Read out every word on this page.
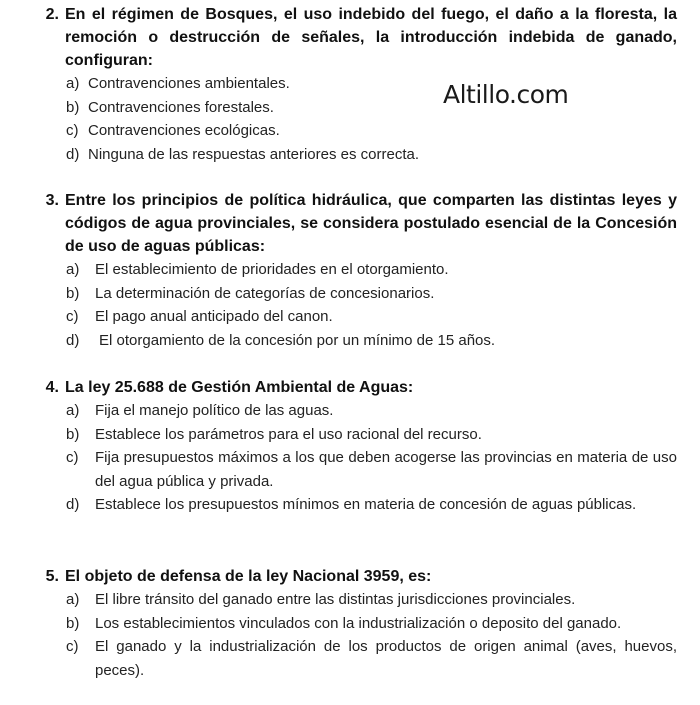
Altillo.com
2. En el régimen de Bosques, el uso indebido del fuego, el daño a la floresta, la remoción o destrucción de señales, la introducción indebida de ganado, configuran:
a) Contravenciones ambientales.
b) Contravenciones forestales.
c) Contravenciones ecológicas.
d) Ninguna de las respuestas anteriores es correcta.
3. Entre los principios de política hidráulica, que comparten las distintas leyes y códigos de agua provinciales, se considera postulado esencial de la Concesión de uso de aguas públicas:
a)	El establecimiento de prioridades en el otorgamiento.
b)	La determinación de categorías de concesionarios.
c)	El pago anual anticipado del canon.
d)	El otorgamiento de la concesión por un mínimo de 15 años.
4. La ley 25.688 de Gestión Ambiental de Aguas:
a)	Fija el manejo político de las aguas.
b)	Establece los parámetros para el uso racional del recurso.
c)	Fija presupuestos máximos a los que deben acogerse las provincias en materia de uso del agua pública y privada.
d)	Establece los presupuestos mínimos en materia de concesión de aguas públicas.
5. El objeto de defensa de la ley Nacional 3959, es:
a)	El libre tránsito del ganado entre las distintas jurisdicciones provinciales.
b)	Los establecimientos vinculados con la industrialización o deposito del ganado.
c)	El ganado y la industrialización de los productos de origen animal (aves, huevos, peces).
